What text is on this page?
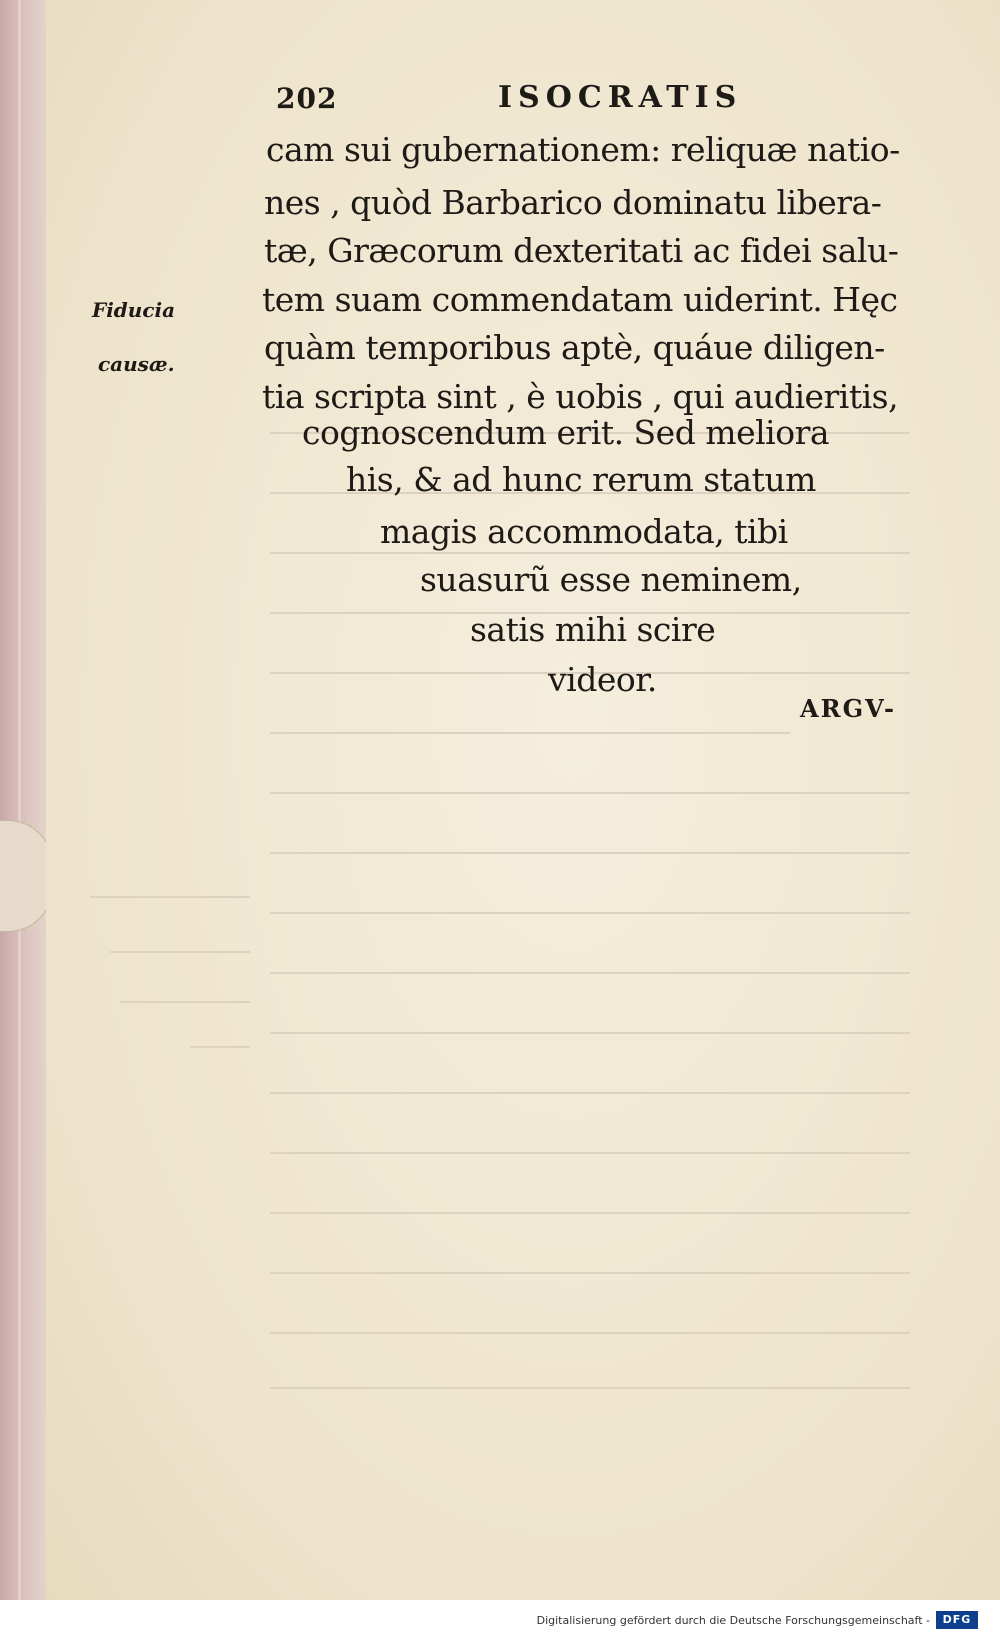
202	ISOCRATIS
Fiducia
causæ.
cam sui gubernationem: reliquæ natio-
nes , quòd Barbarico dominatu libera-
tæ, Græcorum dexteritati ac fidei salu-
tem suam commendatam uiderint. Hęc
quàm temporibus aptè, quáue diligen-
tia scripta sint , è uobis , qui audieritis,
cognoscendum erit. Sed meliora
his, & ad hunc rerum statum
magis accommodata, tibi
suasurũ esse neminem,
satis mihi scire
videor.
ARGV-
Digitalisierung gefördert durch die Deutsche Forschungsgemeinschaft -	DFG
